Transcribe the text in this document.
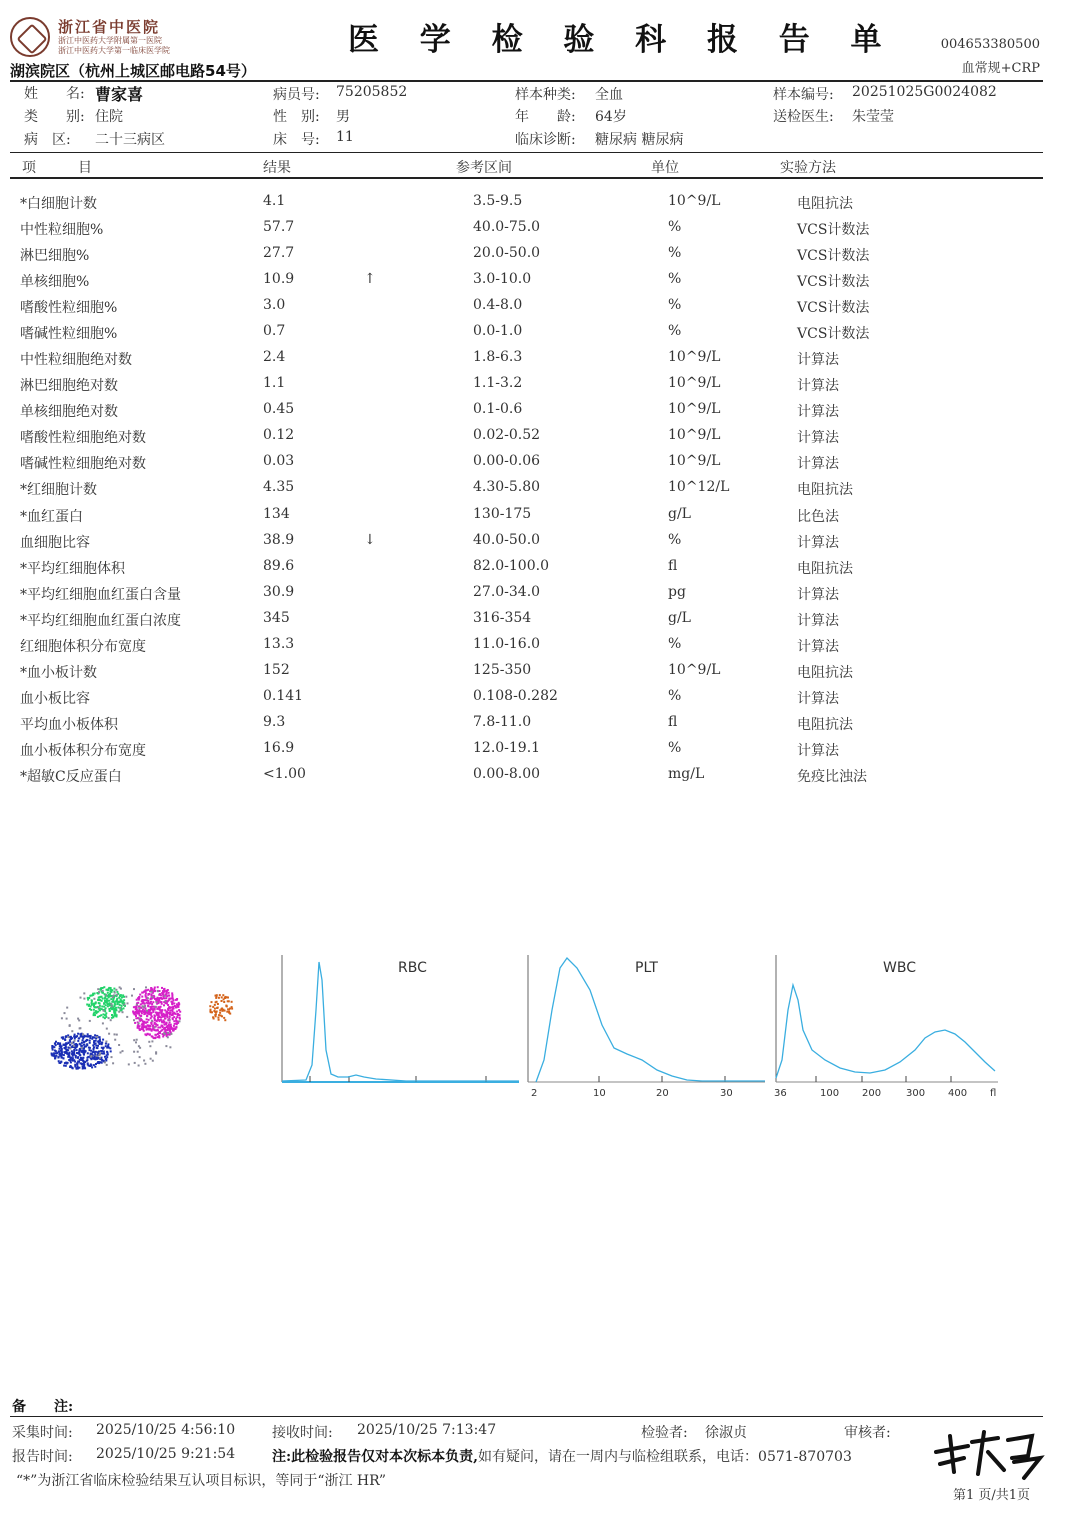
浙江省中医院
浙江中医药大学附属第一医院
浙江中医药大学第一临床医学院	医 学 检 验 科 报 告 单	004653380500
血常规+CRP
湖滨院区（杭州上城区邮电路54号）
姓　　名: 曹家喜	病员号: 75205852	样本种类: 全血	样本编号: 20251025G0024082
类　　别: 住院	性　别: 男	年　　龄: 64岁	送检医生: 朱莹莹
病　区: 二十三病区	床　号: 11	临床诊断: 糖尿病 糖尿病
项　　　目	结果	参考区间	单位	实验方法
*白细胞计数	4.1	3.5-9.5	10^9/L	电阻抗法
中性粒细胞%	57.7	40.0-75.0	%	VCS计数法
淋巴细胞%	27.7	20.0-50.0	%	VCS计数法
单核细胞%	10.9	↑	3.0-10.0	%	VCS计数法
嗜酸性粒细胞%	3.0	0.4-8.0	%	VCS计数法
嗜碱性粒细胞%	0.7	0.0-1.0	%	VCS计数法
中性粒细胞绝对数	2.4	1.8-6.3	10^9/L	计算法
淋巴细胞绝对数	1.1	1.1-3.2	10^9/L	计算法
单核细胞绝对数	0.45	0.1-0.6	10^9/L	计算法
嗜酸性粒细胞绝对数	0.12	0.02-0.52	10^9/L	计算法
嗜碱性粒细胞绝对数	0.03	0.00-0.06	10^9/L	计算法
*红细胞计数	4.35	4.30-5.80	10^12/L	电阻抗法
*血红蛋白	134	130-175	g/L	比色法
血细胞比容	38.9	↓	40.0-50.0	%	计算法
*平均红细胞体积	89.6	82.0-100.0	fl	电阻抗法
*平均红细胞血红蛋白含量	30.9	27.0-34.0	pg	计算法
*平均红细胞血红蛋白浓度	345	316-354	g/L	计算法
红细胞体积分布宽度	13.3	11.0-16.0	%	计算法
*血小板计数	152	125-350	10^9/L	电阻抗法
血小板比容	0.141	0.108-0.282	%	计算法
平均血小板体积	9.3	7.8-11.0	fl	电阻抗法
血小板体积分布宽度	16.9	12.0-19.1	%	计算法
*超敏C反应蛋白	<1.00	0.00-8.00	mg/L	免疫比浊法
RBC	PLT
2	10	20	30
WBC
36	100 200 300 400 fl
备　　注:
采集时间: 2025/10/25 4:56:10	接收时间: 2025/10/25 7:13:47	检验者: 徐淑贞	审核者:
报告时间: 2025/10/25 9:21:54	注:此检验报告仅对本次标本负责,如有疑问，请在一周内与临检组联系，电话：0571-870703
“*”为浙江省临床检验结果互认项目标识，等同于“浙江 HR”
第1 页/共1页
